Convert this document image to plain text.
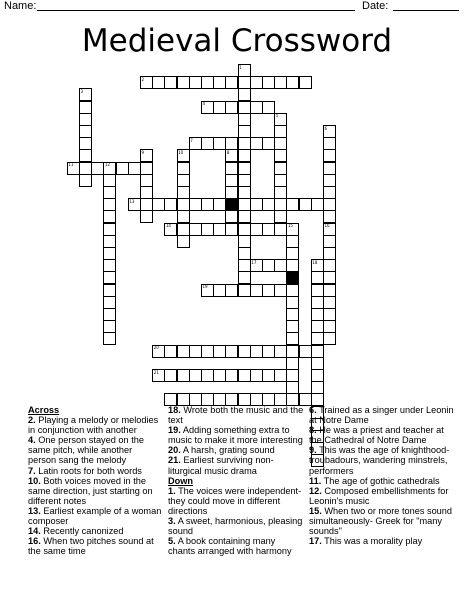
Name:	Date:
Medieval Crossword
1
2
3
4
5
6
7
8
9	10
11	12
13
14	15	16
17	18
19
20
21
Across
2. Playing a melody or melodies in conjunction with another
4. One person stayed on the same pitch, while another person sang the melody
7. Latin roots for both words
10. Both voices moved in the same direction, just starting on different notes
13. Earliest example of a woman composer
14. Recently canonized
16. When two pitches sound at the same time
18. Wrote both the music and the text
19. Adding something extra to music to make it more interesting
20. A harsh, grating sound
21. Earliest surviving non-liturgical music drama
Down
1. The voices were independent- they could move in different directions
3. A sweet, harmonious, pleasing sound
5. A book containing many chants arranged with harmony
6. Trained as a singer under Leonin at Notre Dame
8. He was a priest and teacher at the Cathedral of Notre Dame
9. This was the age of knighthood- troubadours, wandering minstrels, performers
11. The age of gothic cathedrals
12. Composed embellishments for Leonin's music
15. When two or more tones sound simultaneously- Greek for "many sounds"
17. This was a morality play
